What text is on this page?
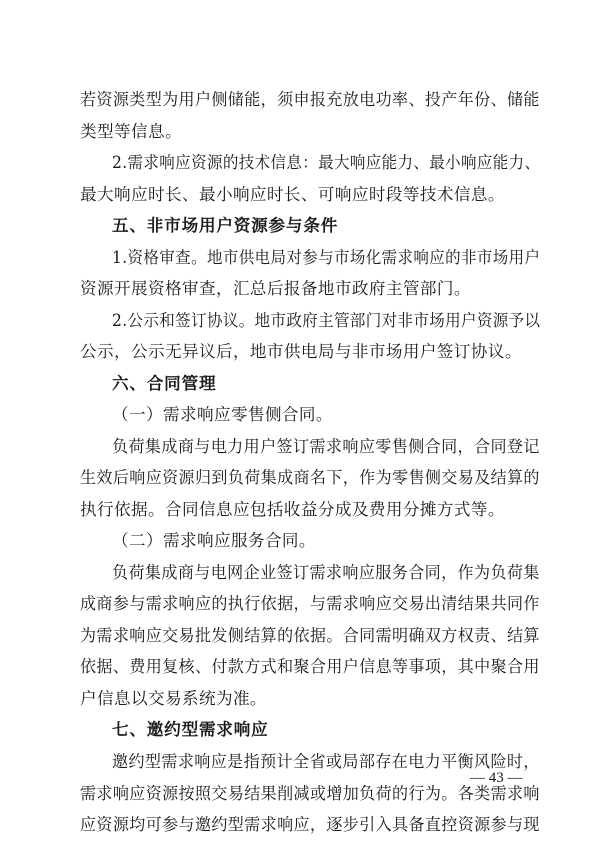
若资源类型为用户侧储能，须申报充放电功率、投产年份、储能
类型等信息。
2.需求响应资源的技术信息：最大响应能力、最小响应能力、
最大响应时长、最小响应时长、可响应时段等技术信息。
五、非市场用户资源参与条件
1.资格审查。地市供电局对参与市场化需求响应的非市场用户
资源开展资格审查，汇总后报备地市政府主管部门。
2.公示和签订协议。地市政府主管部门对非市场用户资源予以
公示，公示无异议后，地市供电局与非市场用户签订协议。
六、合同管理
（一）需求响应零售侧合同。
负荷集成商与电力用户签订需求响应零售侧合同，合同登记
生效后响应资源归到负荷集成商名下，作为零售侧交易及结算的
执行依据。合同信息应包括收益分成及费用分摊方式等。
（二）需求响应服务合同。
负荷集成商与电网企业签订需求响应服务合同，作为负荷集
成商参与需求响应的执行依据，与需求响应交易出清结果共同作
为需求响应交易批发侧结算的依据。合同需明确双方权责、结算
依据、费用复核、付款方式和聚合用户信息等事项，其中聚合用
户信息以交易系统为准。
七、邀约型需求响应
邀约型需求响应是指预计全省或局部存在电力平衡风险时，
需求响应资源按照交易结果削减或增加负荷的行为。各类需求响
应资源均可参与邀约型需求响应，逐步引入具备直控资源参与现
— 43 —
